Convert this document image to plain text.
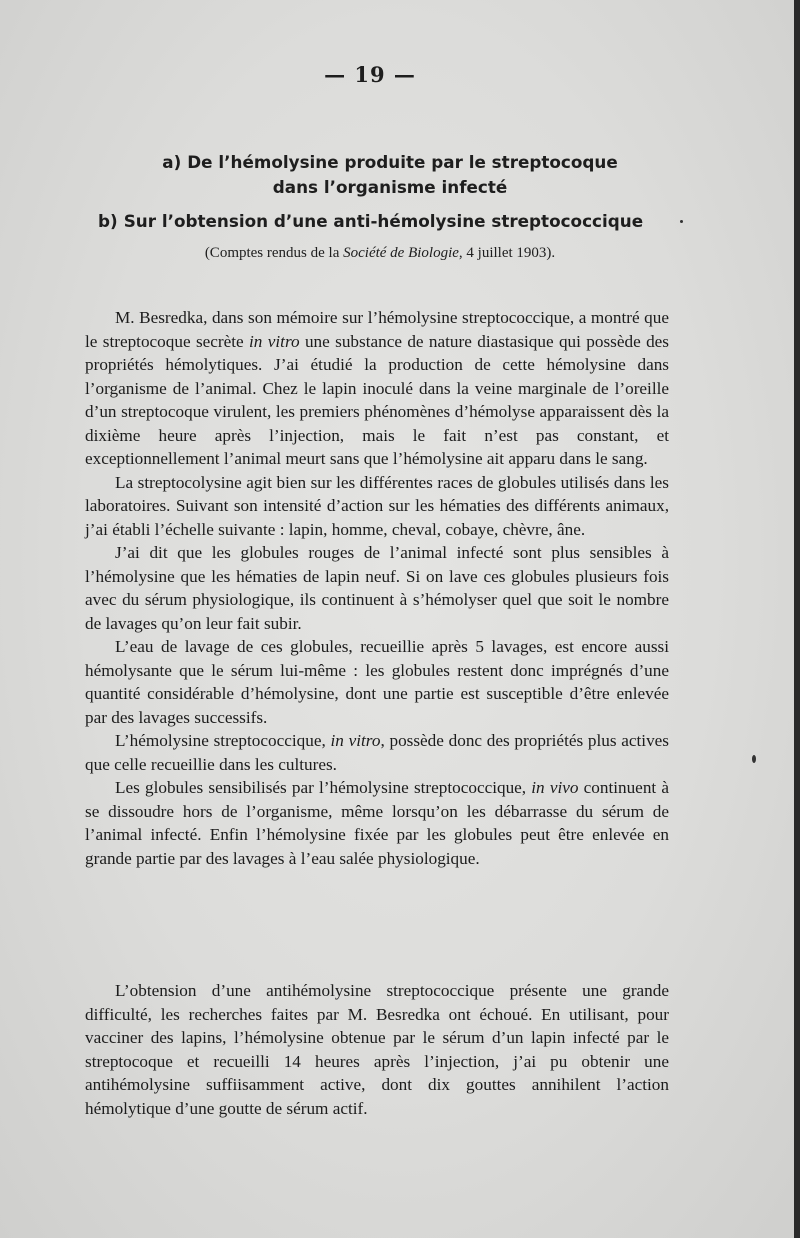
— 19 —
a) De l’hémolysine produite par le streptocoque
dans l’organisme infecté
b) Sur l’obtension d’une anti-hémolysine streptococcique
(Comptes rendus de la Société de Biologie, 4 juillet 1903).

M. Besredka, dans son mémoire sur l’hémolysine streptococcique, a montré que le streptocoque secrète in vitro une substance de nature diastasique qui possède des propriétés hémolytiques. J’ai étudié la production de cette hémolysine dans l’organisme de l’animal. Chez le lapin inoculé dans la veine marginale de l’oreille d’un streptocoque virulent, les premiers phénomènes d’hémolyse apparaissent dès la dixième heure après l’injection, mais le fait n’est pas constant, et exceptionnellement l’animal meurt sans que l’hémolysine ait apparu dans le sang.

La streptocolysine agit bien sur les différentes races de globules utilisés dans les laboratoires. Suivant son intensité d’action sur les hématies des différents animaux, j’ai établi l’échelle suivante : lapin, homme, cheval, cobaye, chèvre, âne.

J’ai dit que les globules rouges de l’animal infecté sont plus sensibles à l’hémolysine que les hématies de lapin neuf. Si on lave ces globules plusieurs fois avec du sérum physiologique, ils continuent à s’hémolyser quel que soit le nombre de lavages qu’on leur fait subir.

L’eau de lavage de ces globules, recueillie après 5 lavages, est encore aussi hémolysante que le sérum lui-même : les globules restent donc imprégnés d’une quantité considérable d’hémolysine, dont une partie est susceptible d’être enlevée par des lavages successifs.

L’hémolysine streptococcique, in vitro, possède donc des propriétés plus actives que celle recueillie dans les cultures.

Les globules sensibilisés par l’hémolysine streptococcique, in vivo continuent à se dissoudre hors de l’organisme, même lorsqu’on les débarrasse du sérum de l’animal infecté. Enfin l’hémolysine fixée par les globules peut être enlevée en grande partie par des lavages à l’eau salée physiologique.

L’obtension d’une antihémolysine streptococcique présente une grande difficulté, les recherches faites par M. Besredka ont échoué. En utilisant, pour vacciner des lapins, l’hémolysine obtenue par le sérum d’un lapin infecté par le streptocoque et recueilli 14 heures après l’injection, j’ai pu obtenir une antihémolysine suffiisamment active, dont dix gouttes annihilent l’action hémolytique d’une goutte de sérum actif.
